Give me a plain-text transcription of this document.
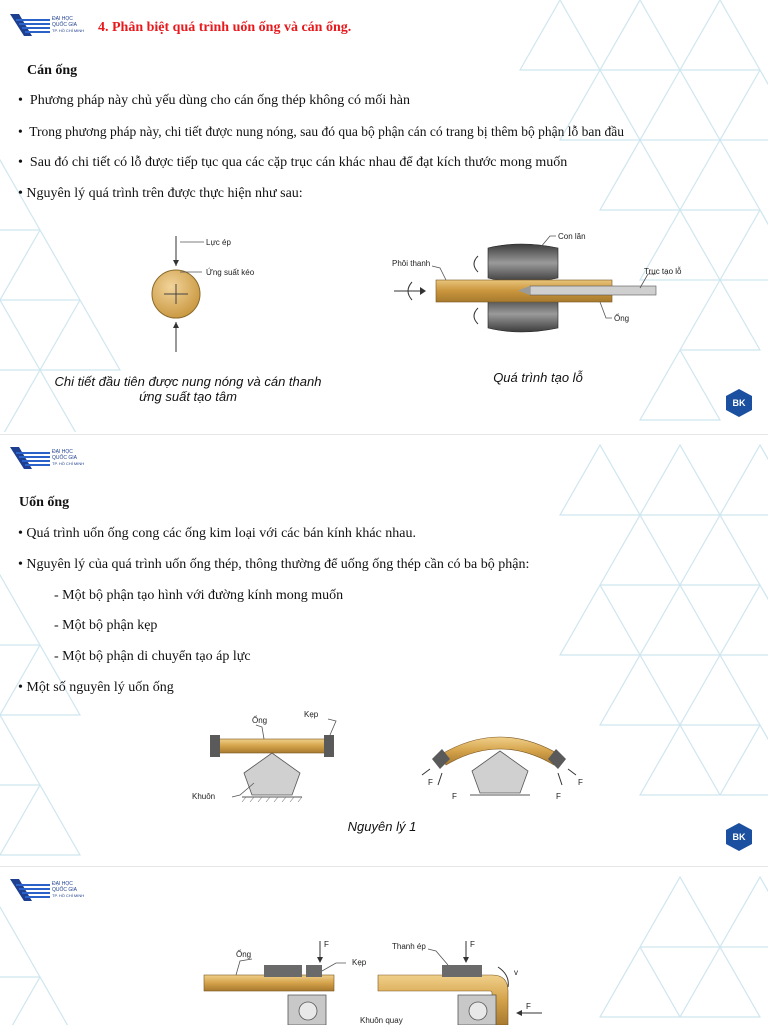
ĐẠI HỌC
QUỐC GIA
TP. HỒ CHÍ MINH 4. Phân biệt quá trình uốn ống và cán ống.
Cán ống
•  Phương pháp này chủ yếu dùng cho cán ống thép không có mối hàn
•  Trong phương pháp này, chi tiết được nung nóng, sau đó qua bộ phận cán có trang bị thêm bộ phận lỗ ban đầu
•  Sau đó chi tiết có lỗ được tiếp tục qua các cặp trục cán khác nhau để đạt kích thước mong muốn
• Nguyên lý quá trình trên được thực hiện như sau:
Lực ép
Ứng suất kéo
Con lăn
Phôi thanh
Trục tạo lỗ
Ống
Chi tiết đầu tiên được nung nóng và cán thanh
ứng suất tạo tâm
Quá trình tạo lỗ
BK
ĐẠI HỌC
QUỐC GIA
TP. HỒ CHÍ MINH
Uốn ống
• Quá trình uốn ống cong các ống kim loại với các bán kính khác nhau.
• Nguyên lý của quá trình uốn ống thép, thông thường để uống ống thép cần có ba bộ phận:
- Một bộ phận tạo hình với đường kính mong muốn
- Một bộ phận kẹp
- Một bộ phận di chuyển tạo áp lực
• Một số nguyên lý uốn ống
Ống
Kẹp
Khuôn
F
F	F
F
Nguyên lý 1
BK
ĐẠI HỌC
QUỐC GIA
TP. HỒ CHÍ MINH
Ống
F
Kẹp
Khuôn quay
Thanh ép	F
v
F
